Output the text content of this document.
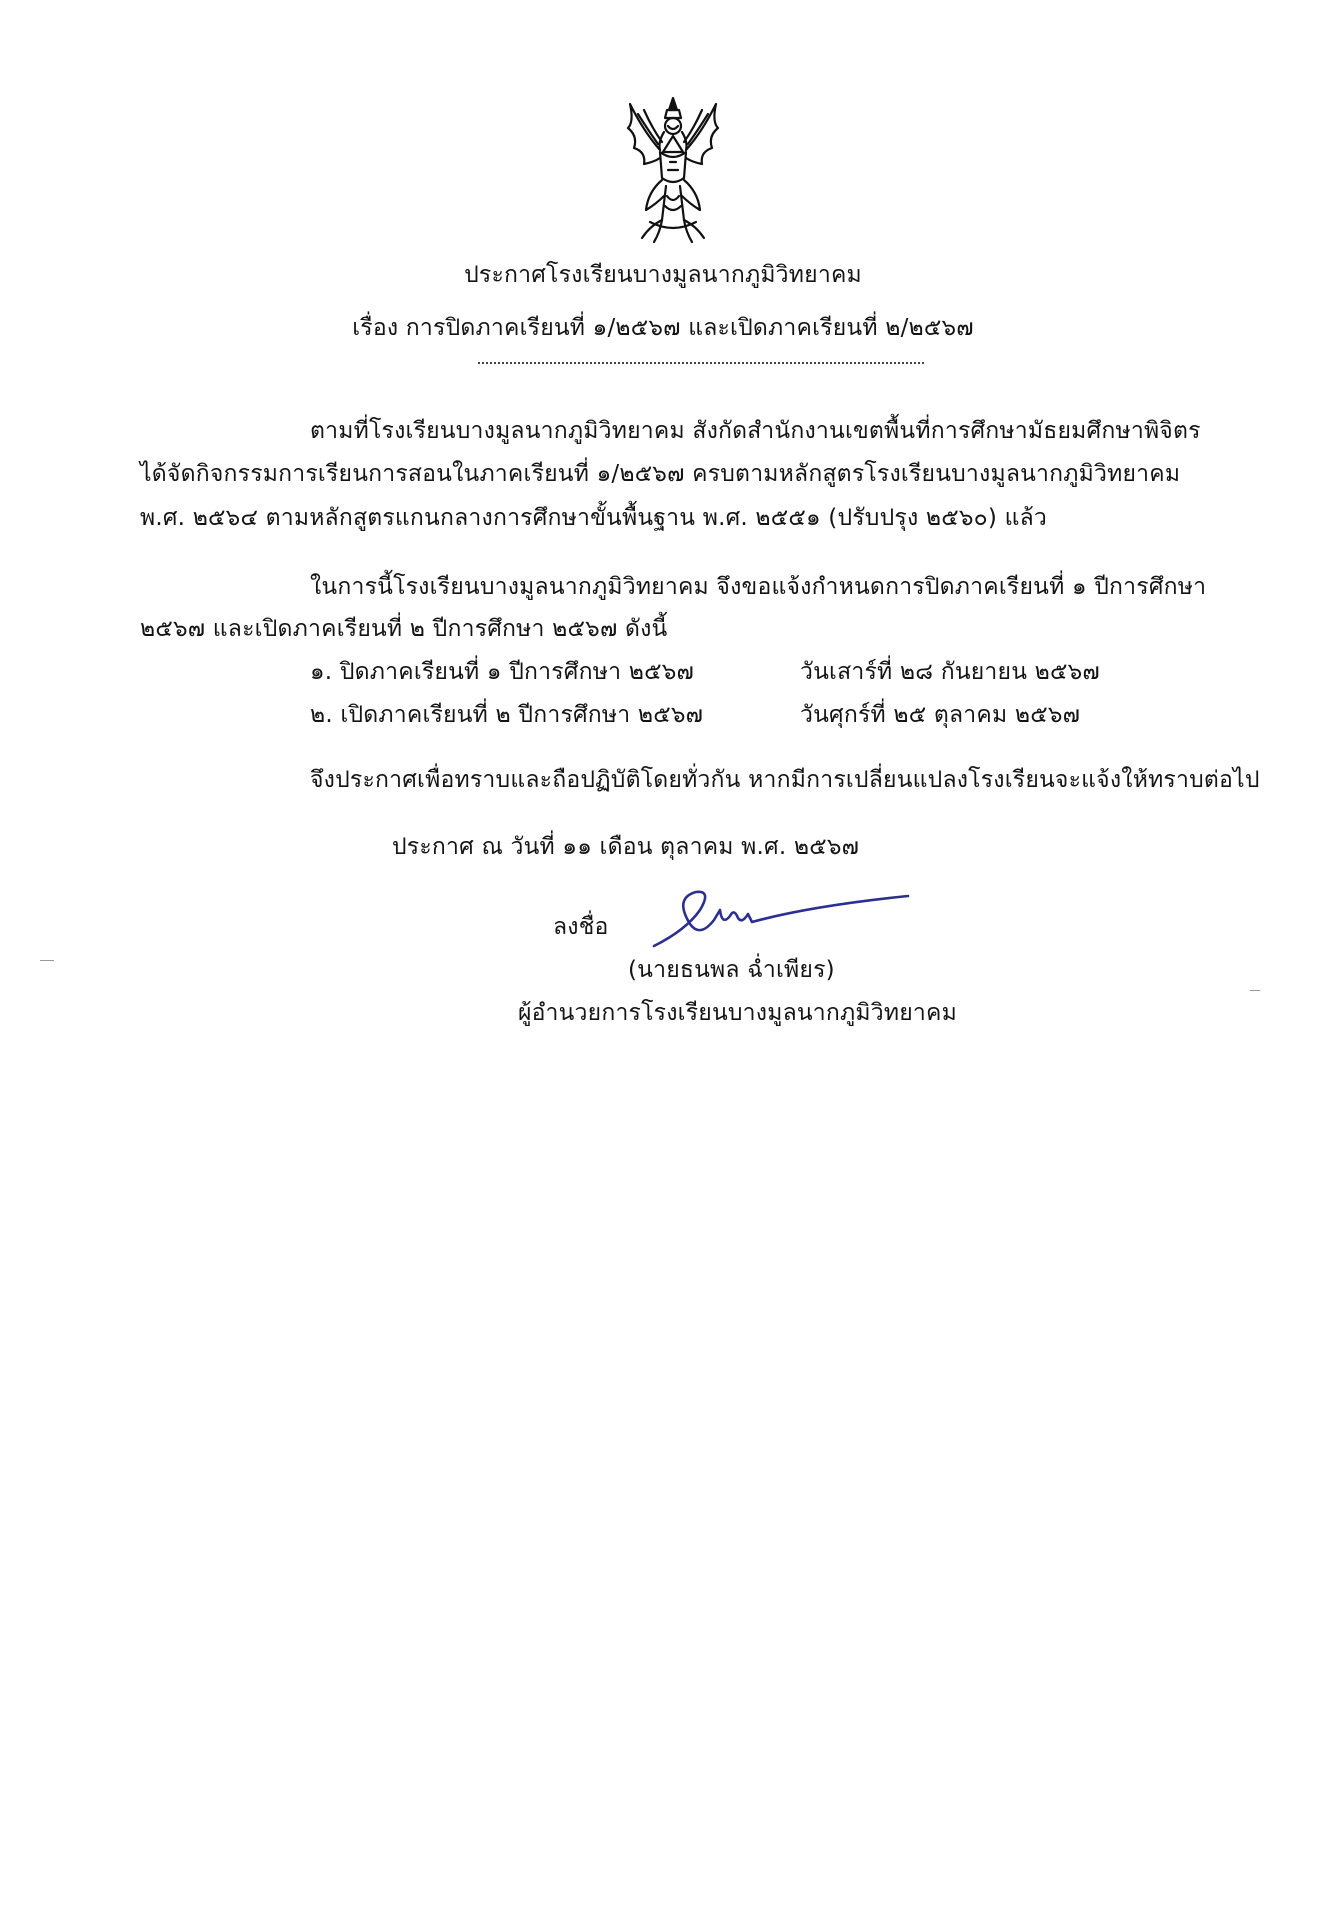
ประกาศโรงเรียนบางมูลนากภูมิวิทยาคม
เรื่อง การปิดภาคเรียนที่ ๑/๒๕๖๗ และเปิดภาคเรียนที่ ๒/๒๕๖๗
ตามที่โรงเรียนบางมูลนากภูมิวิทยาคม สังกัดสำนักงานเขตพื้นที่การศึกษามัธยมศึกษาพิจิตร
ได้จัดกิจกรรมการเรียนการสอนในภาคเรียนที่ ๑/๒๕๖๗ ครบตามหลักสูตรโรงเรียนบางมูลนากภูมิวิทยาคม
พ.ศ. ๒๕๖๔ ตามหลักสูตรแกนกลางการศึกษาขั้นพื้นฐาน พ.ศ. ๒๕๕๑ (ปรับปรุง ๒๕๖๐) แล้ว
ในการนี้โรงเรียนบางมูลนากภูมิวิทยาคม จึงขอแจ้งกำหนดการปิดภาคเรียนที่ ๑ ปีการศึกษา
๒๕๖๗ และเปิดภาคเรียนที่ ๒ ปีการศึกษา ๒๕๖๗ ดังนี้
๑. ปิดภาคเรียนที่ ๑ ปีการศึกษา ๒๕๖๗	วันเสาร์ที่ ๒๘ กันยายน ๒๕๖๗
๒. เปิดภาคเรียนที่ ๒ ปีการศึกษา ๒๕๖๗	วันศุกร์ที่ ๒๕ ตุลาคม ๒๕๖๗
จึงประกาศเพื่อทราบและถือปฏิบัติโดยทั่วกัน หากมีการเปลี่ยนแปลงโรงเรียนจะแจ้งให้ทราบต่อไป
ประกาศ ณ วันที่ ๑๑ เดือน ตุลาคม พ.ศ. ๒๕๖๗
ลงชื่อ
(นายธนพล ฉ่ำเพียร)
ผู้อำนวยการโรงเรียนบางมูลนากภูมิวิทยาคม
